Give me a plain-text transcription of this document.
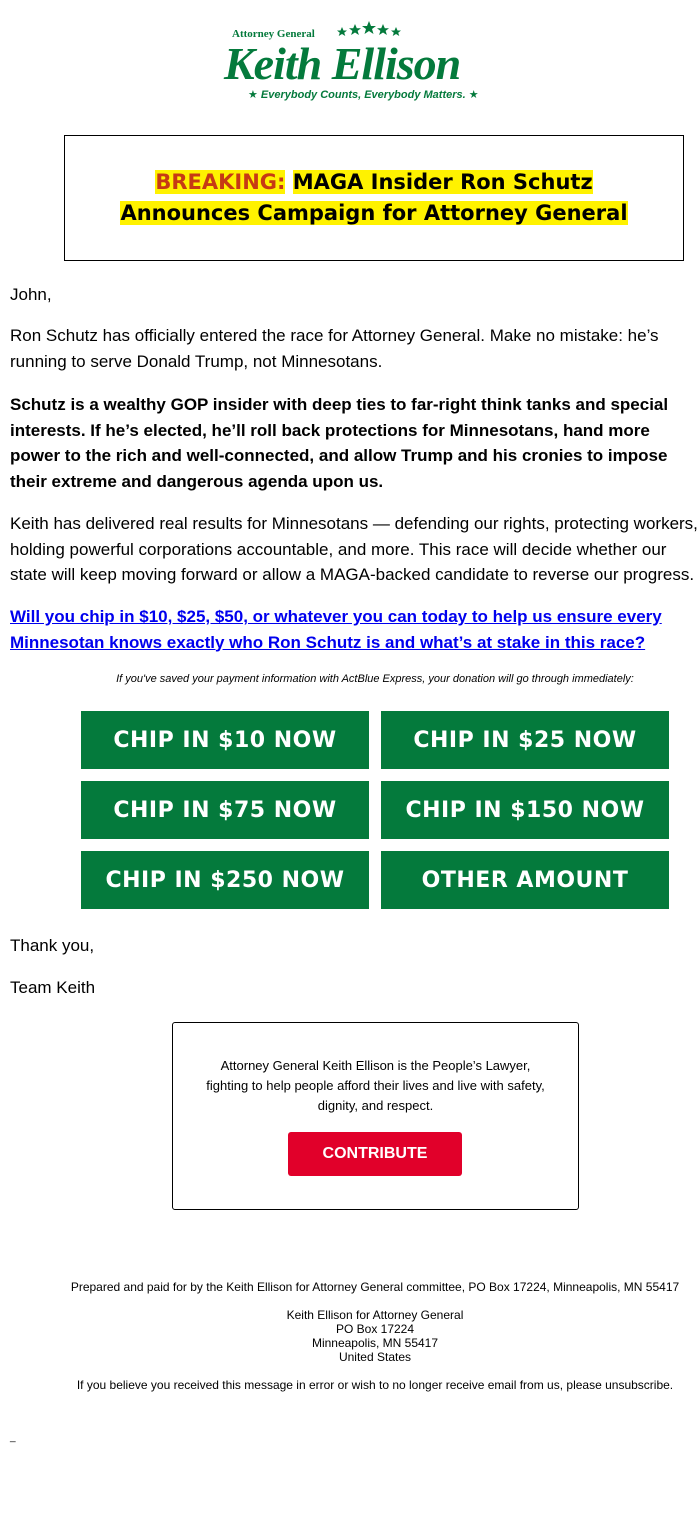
Attorney General
Keith Ellison
★ Everybody Counts, Everybody Matters. ★
BREAKING: MAGA Insider Ron Schutz Announces Campaign for Attorney General
John,
Ron Schutz has officially entered the race for Attorney General. Make no mistake: he’s
running to serve Donald Trump, not Minnesotans.
Schutz is a wealthy GOP insider with deep ties to far-right think tanks and special
interests. If he’s elected, he’ll roll back protections for Minnesotans, hand more
power to the rich and well-connected, and allow Trump and his cronies to impose
their extreme and dangerous agenda upon us.
Keith has delivered real results for Minnesotans — defending our rights, protecting workers,
holding powerful corporations accountable, and more. This race will decide whether our
state will keep moving forward or allow a MAGA-backed candidate to reverse our progress.
Will you chip in $10, $25, $50, or whatever you can today to help us ensure every
Minnesotan knows exactly who Ron Schutz is and what’s at stake in this race?
If you've saved your payment information with ActBlue Express, your donation will go through immediately:
CHIP IN $10 NOW	CHIP IN $25 NOW
CHIP IN $75 NOW	CHIP IN $150 NOW
CHIP IN $250 NOW	OTHER AMOUNT
Thank you,
Team Keith
Attorney General Keith Ellison is the People’s Lawyer,
fighting to help people afford their lives and live with safety,
dignity, and respect.
CONTRIBUTE
Prepared and paid for by the Keith Ellison for Attorney General committee, PO Box 17224, Minneapolis, MN 55417
Keith Ellison for Attorney General
PO Box 17224
Minneapolis, MN 55417
United States
If you believe you received this message in error or wish to no longer receive email from us, please unsubscribe.
_
